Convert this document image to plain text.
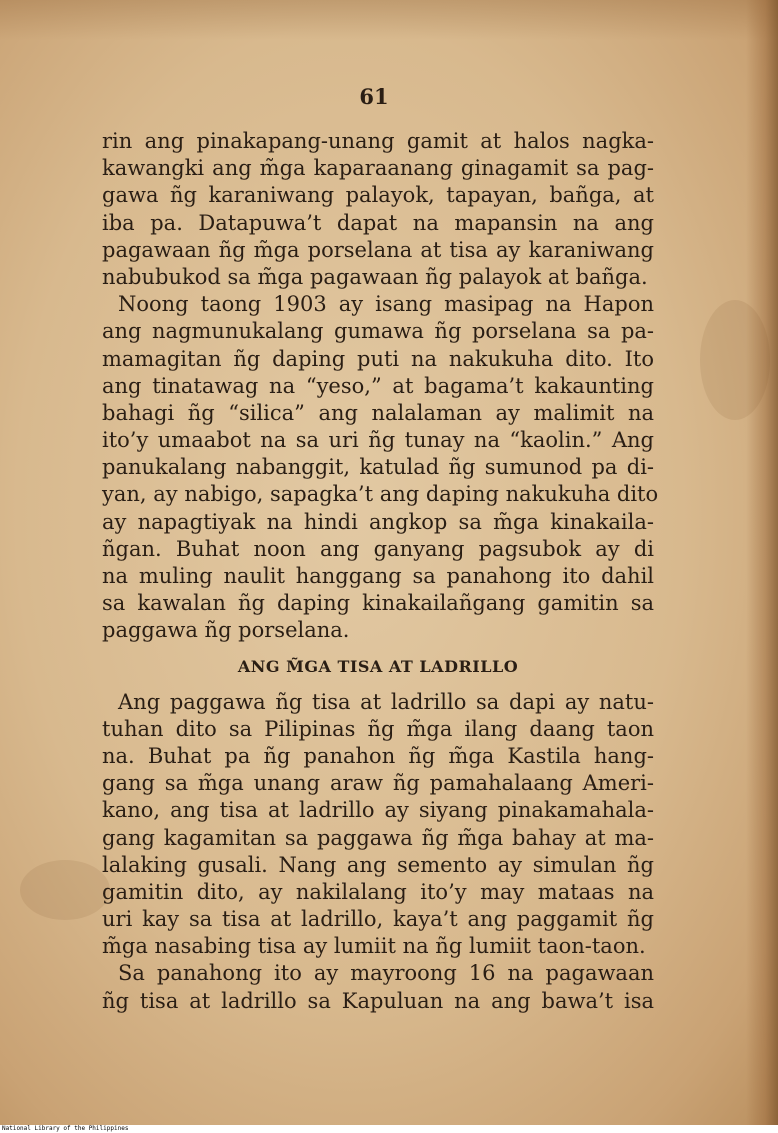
61
rin ang pinakapang-unang gamit at halos nagka-
kawangki ang m̃ga kaparaanang ginagamit sa pag-
gawa ñg karaniwang palayok, tapayan, bañga, at
iba pa. Datapuwa’t dapat na mapansin na ang
pagawaan ñg m̃ga porselana at tisa ay karaniwang
nabubukod sa m̃ga pagawaan ñg palayok at bañga.
Noong taong 1903 ay isang masipag na Hapon
ang nagmunukalang gumawa ñg porselana sa pa-
mamagitan ñg daping puti na nakukuha dito. Ito
ang tinatawag na “yeso,” at bagama’t kakaunting
bahagi ñg “silica” ang nalalaman ay malimit na
ito’y umaabot na sa uri ñg tunay na “kaolin.” Ang
panukalang nabanggit, katulad ñg sumunod pa di-
yan, ay nabigo, sapagka’t ang daping nakukuha dito
ay napagtiyak na hindi angkop sa m̃ga kinakaila-
ñgan. Buhat noon ang ganyang pagsubok ay di
na muling naulit hanggang sa panahong ito dahil
sa kawalan ñg daping kinakailañgang gamitin sa
paggawa ñg porselana.
ANG M̃GA TISA AT LADRILLO
Ang paggawa ñg tisa at ladrillo sa dapi ay natu-
tuhan dito sa Pilipinas ñg m̃ga ilang daang taon
na. Buhat pa ñg panahon ñg m̃ga Kastila hang-
gang sa m̃ga unang araw ñg pamahalaang Ameri-
kano, ang tisa at ladrillo ay siyang pinakamahala-
gang kagamitan sa paggawa ñg m̃ga bahay at ma-
lalaking gusali. Nang ang semento ay simulan ñg
gamitin dito, ay nakilalang ito’y may mataas na
uri kay sa tisa at ladrillo, kaya’t ang paggamit ñg
m̃ga nasabing tisa ay lumiit na ñg lumiit taon-taon.
Sa panahong ito ay mayroong 16 na pagawaan
ñg tisa at ladrillo sa Kapuluan na ang bawa’t isa
National Library of the Philippines
